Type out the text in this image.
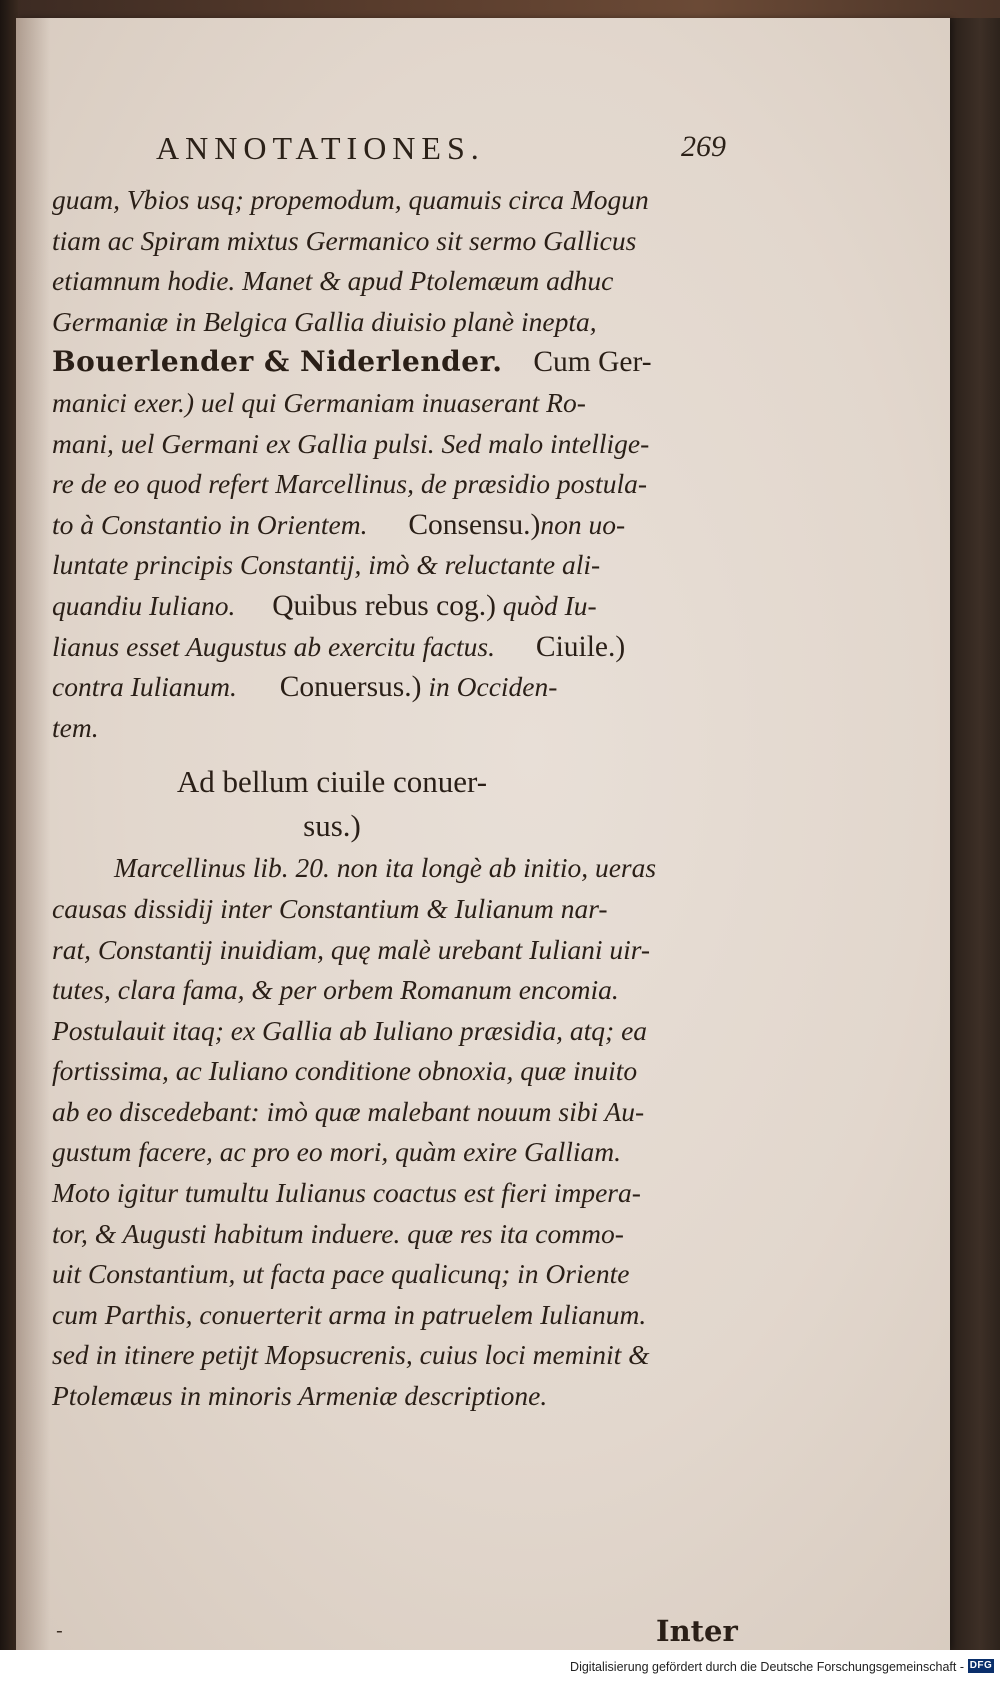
ANNOTATIONES.	269
guam, Vbios usq; propemodum, quamuis circa Mogun
tiam ac Spiram mixtus Germanico sit sermo Gallicus
etiamnum hodie. Manet & apud Ptolemæum adhuc
Germaniæ in Belgica Gallia diuisio planè inepta,
Bouerlender & Niderlender. Cum Ger-
manici exer.) uel qui Germaniam inuaserant Ro-
mani, uel Germani ex Gallia pulsi. Sed malo intellige-
re de eo quod refert Marcellinus, de præsidio postula-
to à Constantio in Orientem. Consensu.)non uo-
luntate principis Constantij, imò & reluctante ali-
quandiu Iuliano. Quibus rebus cog.) quòd Iu-
lianus esset Augustus ab exercitu factus. Ciuile.)
contra Iulianum. Conuersus.) in Occiden-
tem.
Ad bellum ciuile conuer-
sus.)
Marcellinus lib. 20. non ita longè ab initio, ueras
causas dissidij inter Constantium & Iulianum nar-
rat, Constantij inuidiam, quę malè urebant Iuliani uir-
tutes, clara fama, & per orbem Romanum encomia.
Postulauit itaq; ex Gallia ab Iuliano præsidia, atq; ea
fortissima, ac Iuliano conditione obnoxia, quæ inuito
ab eo discedebant: imò quæ malebant nouum sibi Au-
gustum facere, ac pro eo mori, quàm exire Galliam.
Moto igitur tumultu Iulianus coactus est fieri impera-
tor, & Augusti habitum induere. quæ res ita commo-
uit Constantium, ut facta pace qualicunq; in Oriente
cum Parthis, conuerterit arma in patruelem Iulianum.
sed in itinere petijt Mopsucrenis, cuius loci meminit &
Ptolemæus in minoris Armeniæ descriptione.
-	Inter
Digitalisierung gefördert durch die Deutsche Forschungsgemeinschaft - DFG
